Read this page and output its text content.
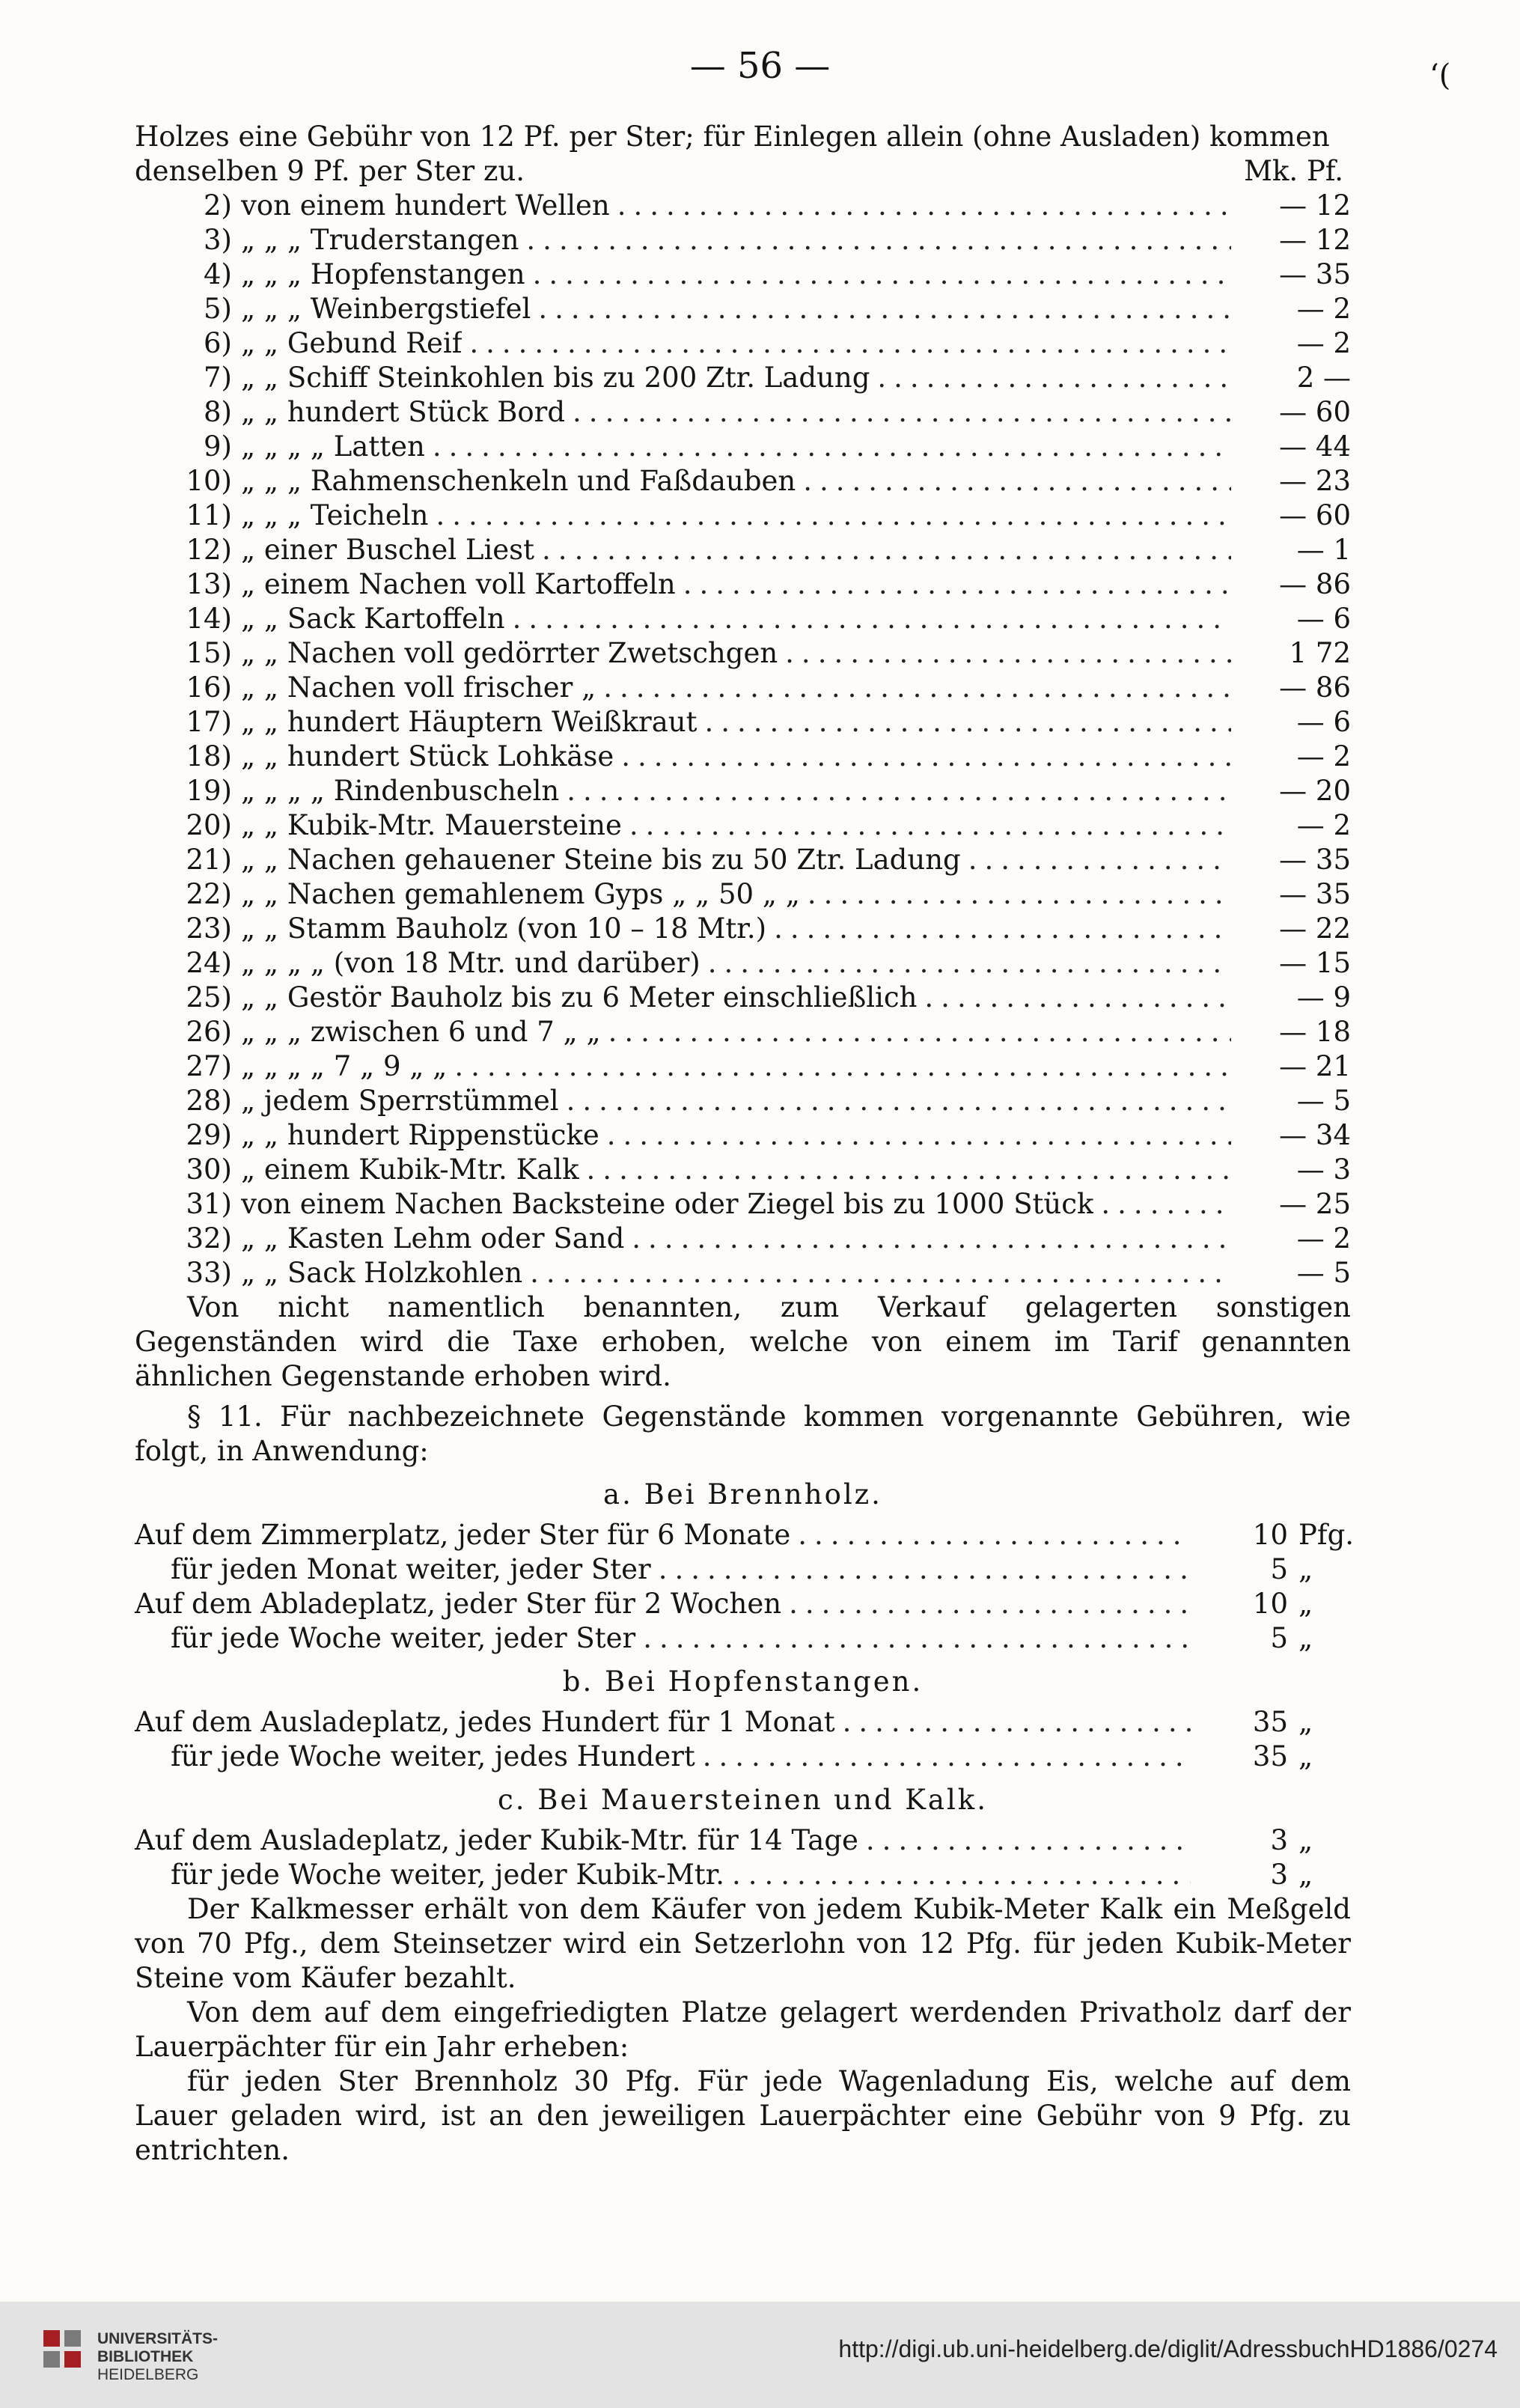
— 56 —	‘(

Holzes eine Gebühr von 12 Pf. per Ster; für Einlegen allein (ohne Ausladen) kommen

denselben 9 Pf. per Ster zu.	Mk. Pf.
2) von einem hundert Wellen .....	— 12
3) „ „ „ Truderstangen .....	— 12
4) „ „ „ Hopfenstangen .....	— 35
5) „ „ „ Weinbergstiefel .....	— 2
6) „ „ Gebund Reif .....	— 2
7) „ „ Schiff Steinkohlen bis zu 200 Ztr. Ladung .....	2 —
8) „ „ hundert Stück Bord .....	— 60
9) „ „ „ „ Latten .....	— 44
10) „ „ „ Rahmenschenkeln und Faßdauben .....	— 23
11) „ „ „ Teicheln .....	— 60
12) „ einer Buschel Liest .....	— 1
13) „ einem Nachen voll Kartoffeln .....	— 86
14) „ „ Sack Kartoffeln .....	— 6
15) „ „ Nachen voll gedörrter Zwetschgen .....	1 72
16) „ „ Nachen voll frischer „ .....	— 86
17) „ „ hundert Häuptern Weißkraut .....	— 6
18) „ „ hundert Stück Lohkäse .....	— 2
19) „ „ „ „ Rindenbuscheln .....	— 20
20) „ „ Kubik-Mtr. Mauersteine .....	— 2
21) „ „ Nachen gehauener Steine bis zu 50 Ztr. Ladung .....	— 35
22) „ „ Nachen gemahlenem Gyps „ „ 50 „ „ .....	— 35
23) „ „ Stamm Bauholz (von 10 – 18 Mtr.) .....	— 22
24) „ „ „ „ (von 18 Mtr. und darüber) .....	— 15
25) „ „ Gestör Bauholz bis zu 6 Meter einschließlich .....	— 9
26) „ „ „ zwischen 6 und 7 „ „ .....	— 18
27) „ „ „ „ 7 „ 9 „ „ .....	— 21
28) „ jedem Sperrstümmel .....	— 5
29) „ „ hundert Rippenstücke .....	— 34
30) „ einem Kubik-Mtr. Kalk .....	— 3
31) von einem Nachen Backsteine oder Ziegel bis zu 1000 Stück .....	— 25
32) „ „ Kasten Lehm oder Sand .....	— 2
33) „ „ Sack Holzkohlen .....	— 5

Von nicht namentlich benannten, zum Verkauf gelagerten sonstigen Gegenständen wird die Taxe erhoben, welche von einem im Tarif genannten ähnlichen Gegenstande erhoben wird.

§ 11. Für nachbezeichnete Gegenstände kommen vorgenannte Gebühren, wie folgt, in Anwendung:

a. Bei Brennholz.
Auf dem Zimmerplatz, jeder Ster für 6 Monate .....	10 Pfg.
für jeden Monat weiter, jeder Ster .....	5 „
Auf dem Abladeplatz, jeder Ster für 2 Wochen .....	10 „
für jede Woche weiter, jeder Ster .....	5 „
b. Bei Hopfenstangen.
Auf dem Ausladeplatz, jedes Hundert für 1 Monat .....	35 „
für jede Woche weiter, jedes Hundert .....	35 „
c. Bei Mauersteinen und Kalk.
Auf dem Ausladeplatz, jeder Kubik-Mtr. für 14 Tage .....	3 „
für jede Woche weiter, jeder Kubik-Mtr. .....	3 „

Der Kalkmesser erhält von dem Käufer von jedem Kubik-Meter Kalk ein Meßgeld von 70 Pfg., dem Steinsetzer wird ein Setzerlohn von 12 Pfg. für jeden Kubik-Meter Steine vom Käufer bezahlt.

Von dem auf dem eingefriedigten Platze gelagert werdenden Privatholz darf der Lauerpächter für ein Jahr erheben:

für jeden Ster Brennholz 30 Pfg. Für jede Wagenladung Eis, welche auf dem Lauer geladen wird, ist an den jeweiligen Lauerpächter eine Gebühr von 9 Pfg. zu entrichten.

UNIVERSITÄTS-
BIBLIOTHEK
HEIDELBERG
http://digi.ub.uni-heidelberg.de/diglit/AdressbuchHD1886/0274
